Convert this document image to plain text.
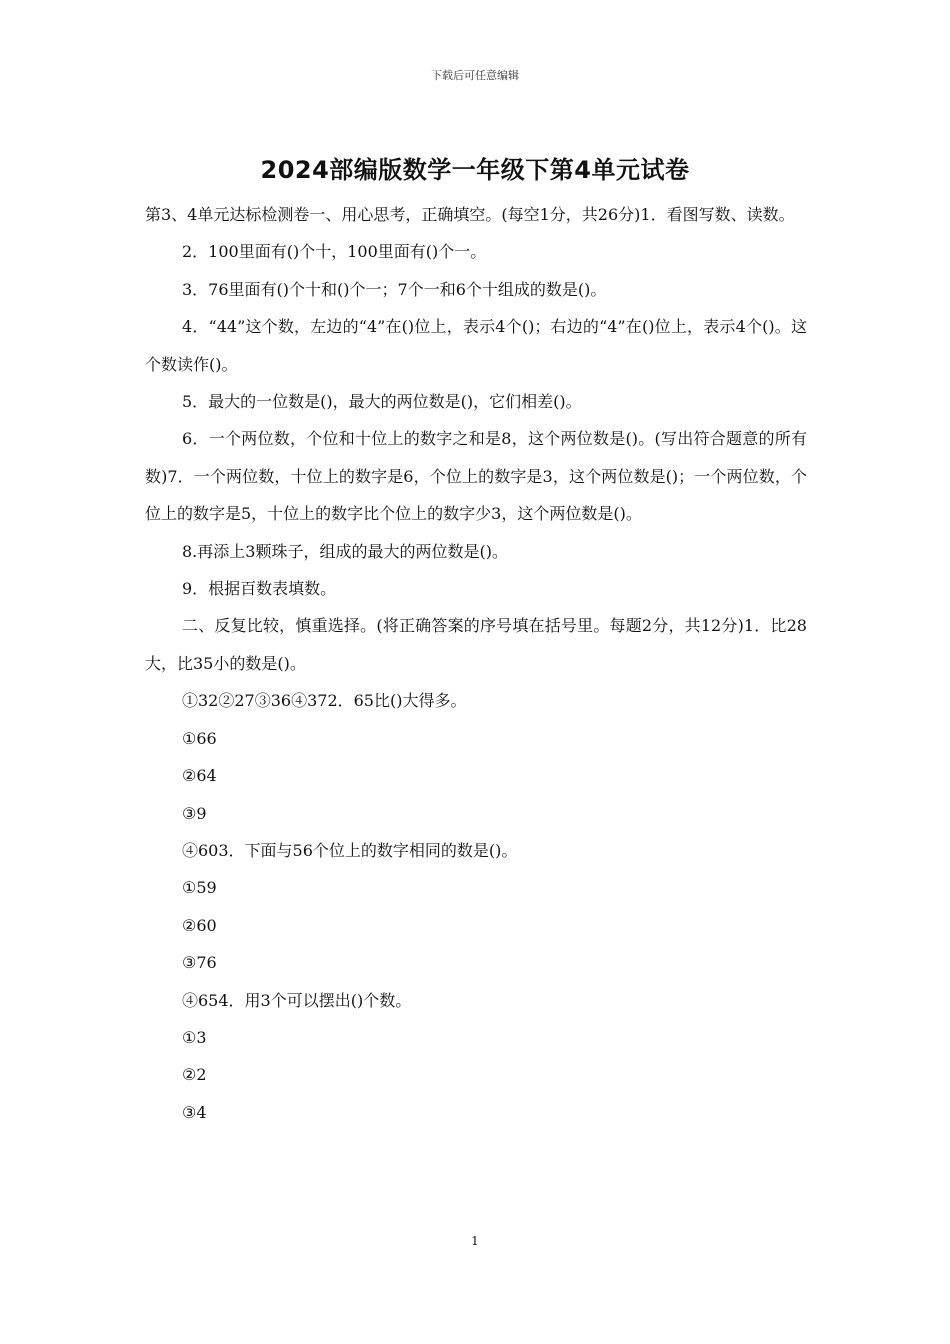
下载后可任意编辑
2024部编版数学一年级下第4单元试卷

第3、4单元达标检测卷一、用心思考，正确填空。(每空1分，共26分)1．看图写数、读数。

2．100里面有()个十，100里面有()个一。

3．76里面有()个十和()个一；7个一和6个十组成的数是()。

4．“44”这个数，左边的“4”在()位上，表示4个()；右边的“4”在()位上，表示4个()。这个数读作()。

5．最大的一位数是()，最大的两位数是()，它们相差()。

6．一个两位数，个位和十位上的数字之和是8，这个两位数是()。(写出符合题意的所有数)7．一个两位数，十位上的数字是6，个位上的数字是3，这个两位数是()；一个两位数，个位上的数字是5，十位上的数字比个位上的数字少3，这个两位数是()。

8.再添上3颗珠子，组成的最大的两位数是()。

9．根据百数表填数。

二、反复比较，慎重选择。(将正确答案的序号填在括号里。每题2分，共12分)1．比28大，比35小的数是()。

①32②27③36④372．65比()大得多。

①66

②64

③9

④603．下面与56个位上的数字相同的数是()。

①59

②60

③76

④654．用3个可以摆出()个数。

①3

②2

③4

1
